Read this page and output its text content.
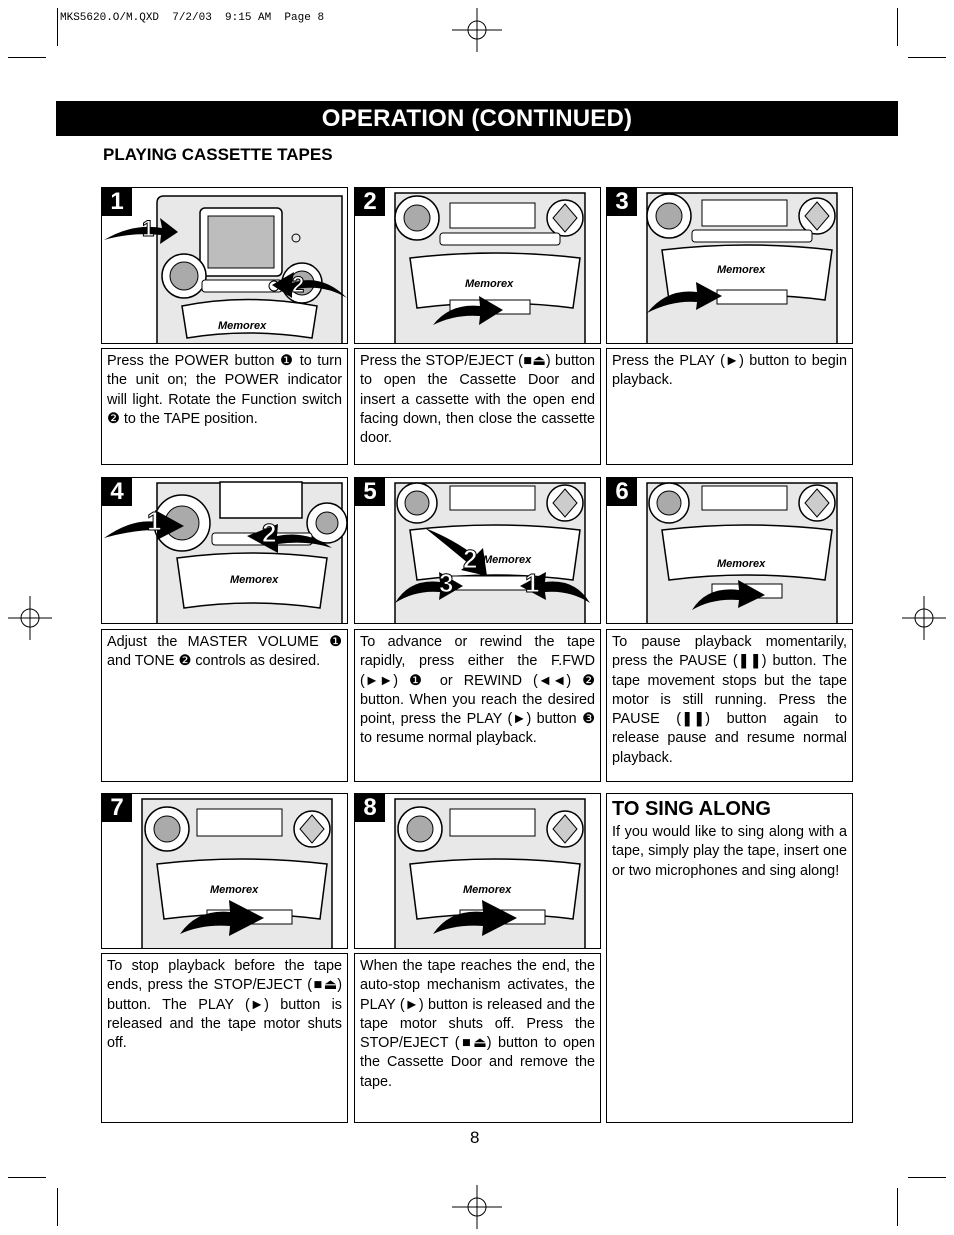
MKS5620.O/M.QXD  7/2/03  9:15 AM  Page 8
OPERATION (CONTINUED)
PLAYING CASSETTE TAPES
1
1
2
Memorex
2
Memorex
3
Memorex
4
1	2
Memorex
5
2
3	1
Memorex
6
Memorex
7
Memorex
8
Memorex
Press the POWER button ❶ to turn the unit on; the POWER indicator will light. Rotate the Function switch ❷ to the TAPE position.
Press the STOP/EJECT (■⏏) button to open the Cassette Door and insert a cassette with the open end facing down, then close the cassette door.
Press the PLAY (►) button to begin playback.
Adjust the MASTER VOLUME ❶ and TONE ❷ controls as desired.
To advance or rewind the tape rapidly, press either the F.FWD (►►) ❶ or REWIND (◄◄) ❷ button. When you reach the desired point, press the PLAY (►) button ❸ to resume normal playback.
To pause playback momentarily, press the PAUSE (❚❚) button. The tape movement stops but the tape motor is still running. Press the PAUSE (❚❚) button again to release pause and resume normal playback.
To stop playback before the tape ends, press the STOP/EJECT (■⏏) button. The PLAY (►) button is released and the tape motor shuts off.
When the tape reaches the end, the auto-stop mechanism activates, the PLAY (►) button is released and the tape motor shuts off. Press the STOP/EJECT (■⏏) button to open the Cassette Door and remove the tape.
TO SING ALONG
If you would like to sing along with a tape, simply play the tape, insert one or two microphones and sing along!
8
